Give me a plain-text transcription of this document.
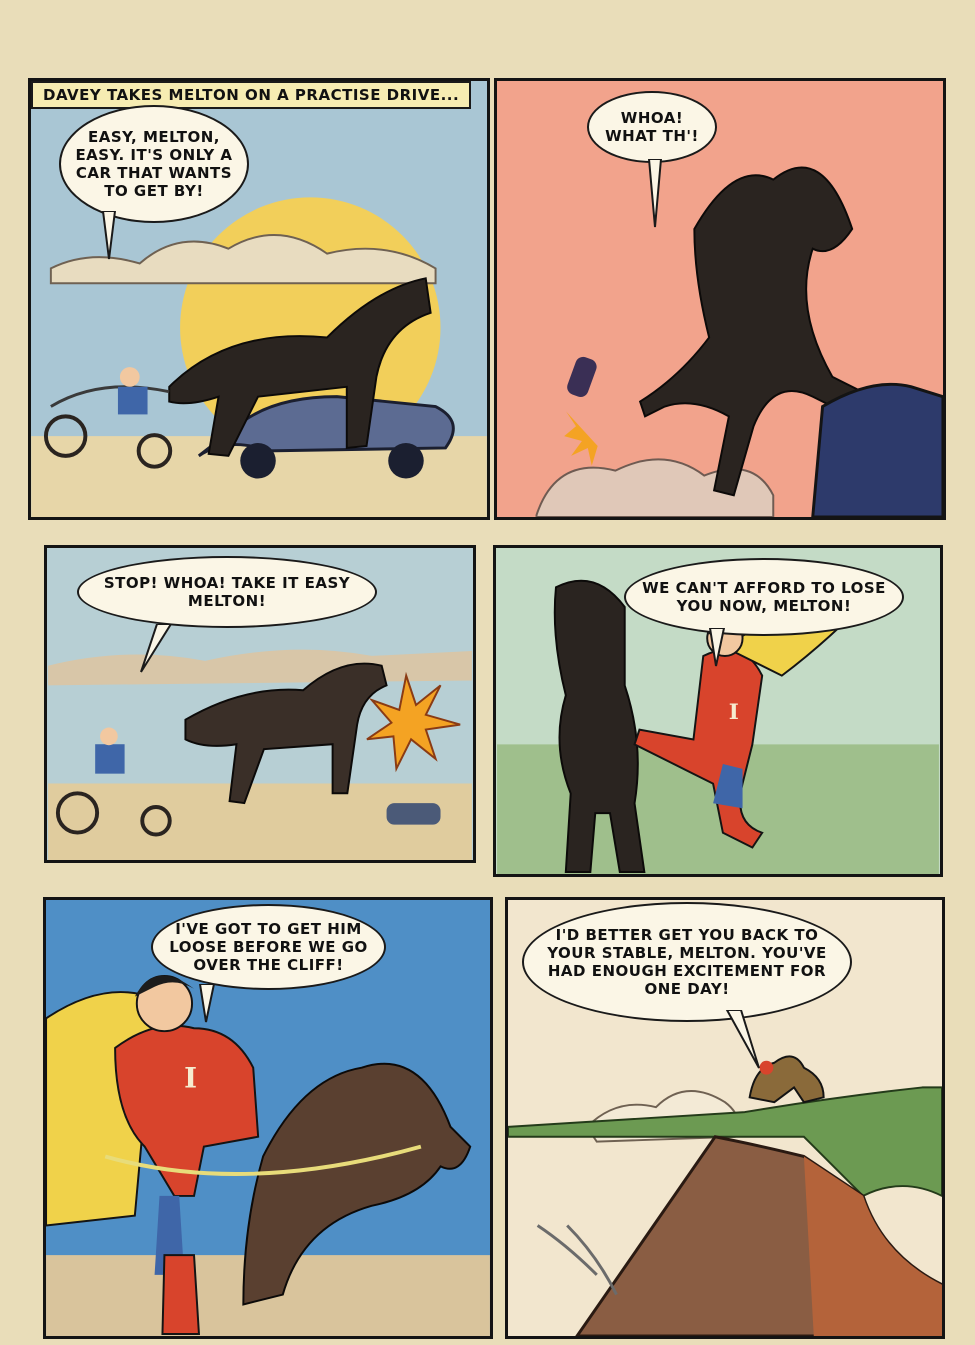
DAVEY TAKES MELTON ON A PRACTISE DRIVE...
EASY, MELTON, EASY. IT'S ONLY A CAR THAT WANTS TO GET BY!
WHOA! WHAT TH'!
STOP! WHOA! TAKE IT EASY MELTON!
I
WE CAN'T AFFORD TO LOSE YOU NOW, MELTON!
I
I'VE GOT TO GET HIM LOOSE BEFORE WE GO OVER THE CLIFF!
I'D BETTER GET YOU BACK TO YOUR STABLE, MELTON. YOU'VE HAD ENOUGH EXCITEMENT FOR ONE DAY!
